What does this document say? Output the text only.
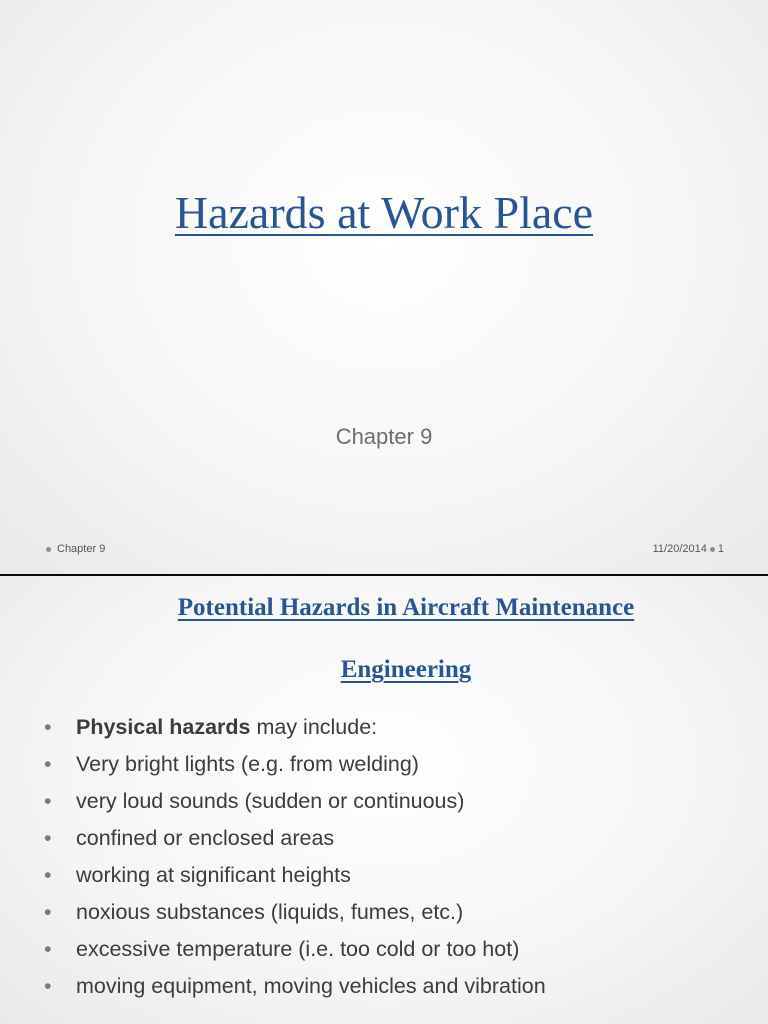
Hazards at Work Place
Chapter 9
Chapter 9	11/20/2014 1
Potential Hazards in Aircraft Maintenance
Engineering
• Physical hazards may include:
• Very bright lights (e.g. from welding)
• very loud sounds (sudden or continuous)
• confined or enclosed areas
• working at significant heights
• noxious substances (liquids, fumes, etc.)
• excessive temperature (i.e. too cold or too hot)
• moving equipment, moving vehicles and vibration
